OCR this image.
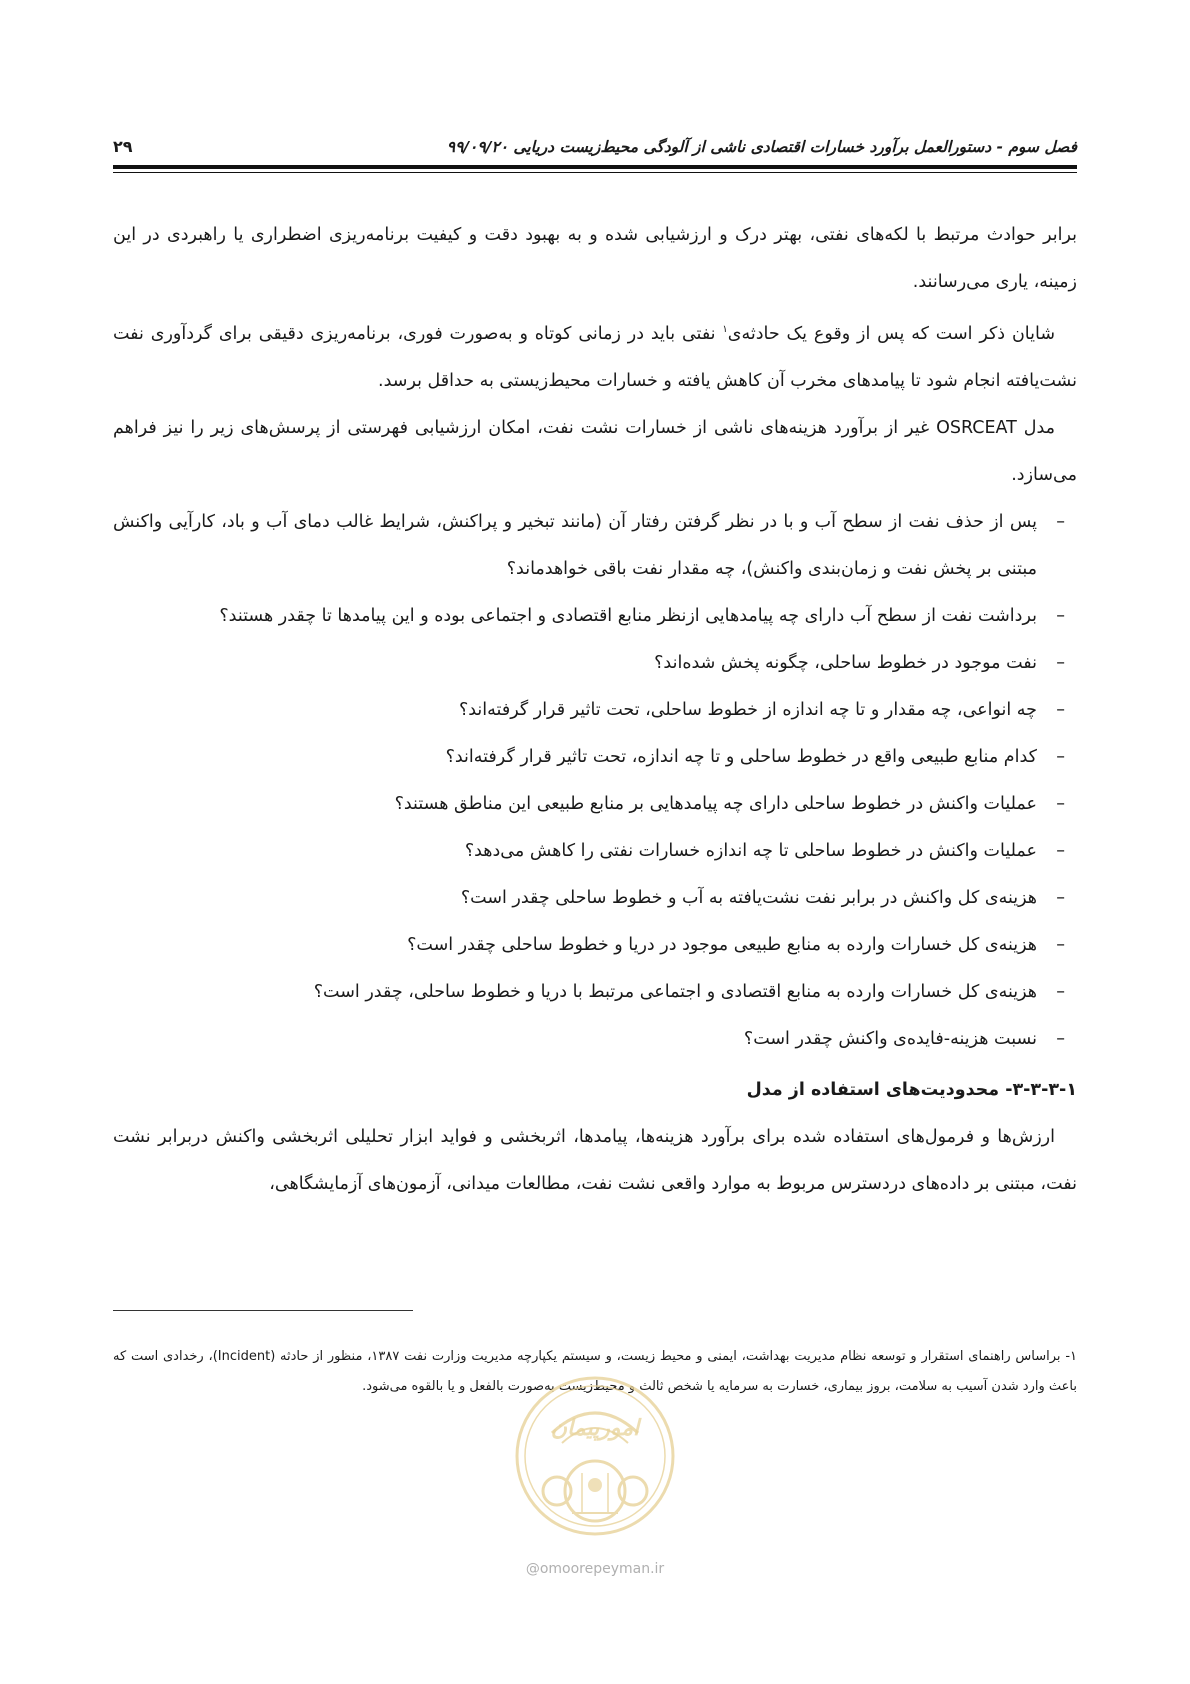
فصل سوم - دستورالعمل برآورد خسارات اقتصادی ناشی از آلودگی محیط‌زیست دریایی ۹۹/۰۹/۲۰
۲۹

برابر حوادث مرتبط با لکه‌های نفتی، بهتر درک و ارزشیابی شده و به بهبود دقت و کیفیت برنامه‌ریزی اضطراری یا راهبردی در این زمینه، یاری می‌رسانند.

شایان ذکر است که پس از وقوع یک حادثه‌ی$^۱$ نفتی باید در زمانی کوتاه و به‌صورت فوری، برنامه‌ریزی دقیقی برای گردآوری نفت نشت‌یافته انجام شود تا پیامدهای مخرب آن کاهش یافته و خسارات محیط‌زیستی به حداقل برسد.

مدل OSRCEAT غیر از برآورد هزینه‌های ناشی از خسارات نشت نفت، امکان ارزشیابی فهرستی از پرسش‌های زیر را نیز فراهم می‌سازد.

–
پس از حذف نفت از سطح آب و با در نظر گرفتن رفتار آن (مانند تبخیر و پراکنش، شرایط غالب دمای آب و باد، کارآیی واکنش مبتنی بر پخش نفت و زمان‌بندی واکنش)، چه مقدار نفت باقی خواهدماند؟
–
برداشت نفت از سطح آب دارای چه پیامدهایی ازنظر منابع اقتصادی و اجتماعی بوده و این پیامدها تا چقدر هستند؟
–
نفت موجود در خطوط ساحلی، چگونه پخش شده‌اند؟
–
چه انواعی، چه مقدار و تا چه اندازه از خطوط ساحلی، تحت تاثیر قرار گرفته‌اند؟
–
کدام منابع طبیعی واقع در خطوط ساحلی و تا چه اندازه، تحت تاثیر قرار گرفته‌اند؟
–
عملیات واکنش در خطوط ساحلی دارای چه پیامدهایی بر منابع طبیعی این مناطق هستند؟
–
عملیات واکنش در خطوط ساحلی تا چه اندازه خسارات نفتی را کاهش می‌دهد؟
–
هزینه‌ی کل واکنش در برابر نفت نشت‌یافته به آب و خطوط ساحلی چقدر است؟
–
هزینه‌ی کل خسارات وارده به منابع طبیعی موجود در دریا و خطوط ساحلی چقدر است؟
–
هزینه‌ی کل خسارات وارده به منابع اقتصادی و اجتماعی مرتبط با دریا و خطوط ساحلی، چقدر است؟
–
نسبت هزینه-فایده‌ی واکنش چقدر است؟
۳-۳-۳-۱- محدودیت‌های استفاده از مدل

ارزش‌ها و فرمول‌های استفاده شده برای برآورد هزینه‌ها، پیامدها، اثربخشی و فواید ابزار تحلیلی اثربخشی واکنش دربرابر نشت نفت، مبتنی بر داده‌های دردسترس مربوط به موارد واقعی نشت نفت، مطالعات میدانی، آزمون‌های آزمایشگاهی،

۱- براساس راهنمای استقرار و توسعه نظام مدیریت بهداشت، ایمنی و محیط زیست، و سیستم یکپارچه مدیریت وزارت نفت ۱۳۸۷، منظور از حادثه (Incident)، رخدادی است که باعث وارد شدن آسیب به سلامت، بروز بیماری، خسارت به سرمایه یا شخص ثالث و محیط‌زیست به‌صورت بالفعل و یا بالقوه می‌شود.

امورپیمان
@omoorepeyman.ir
